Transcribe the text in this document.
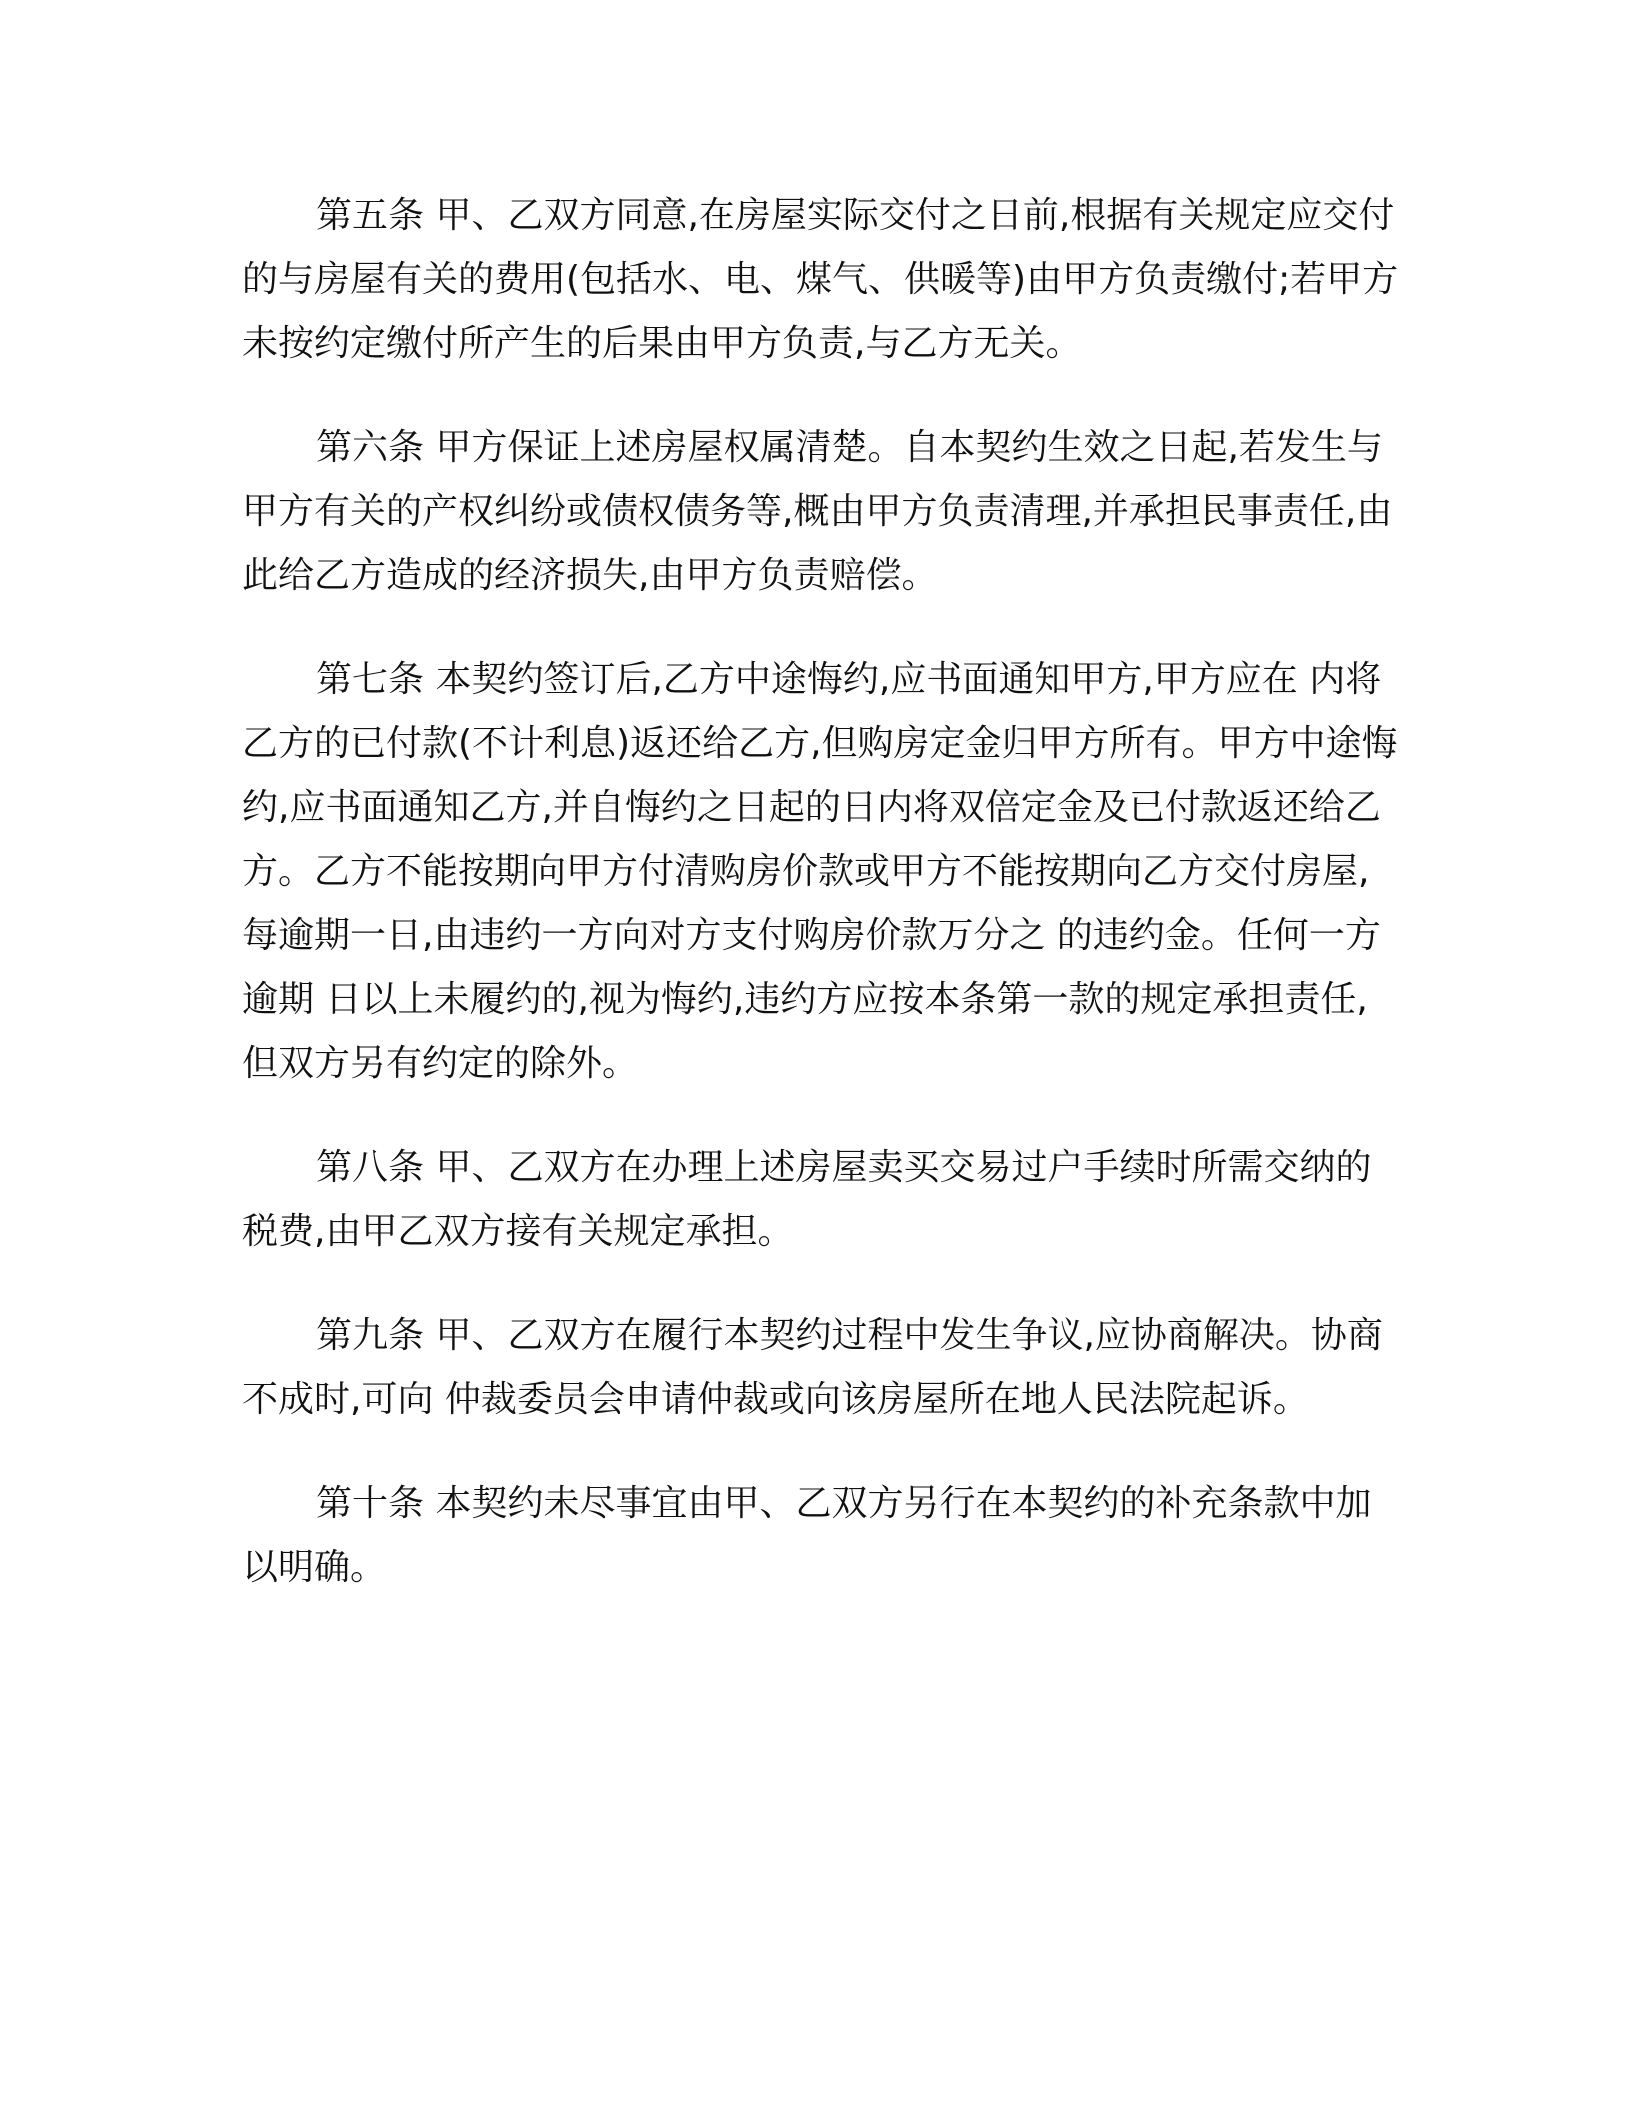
第五条 甲、乙双方同意,在房屋实际交付之日前,根据有关规定应交付的与房屋有关的费用(包括水、电、煤气、供暖等)由甲方负责缴付;若甲方未按约定缴付所产生的后果由甲方负责,与乙方无关。

第六条 甲方保证上述房屋权属清楚。自本契约生效之日起,若发生与甲方有关的产权纠纷或债权债务等,概由甲方负责清理,并承担民事责任,由此给乙方造成的经济损失,由甲方负责赔偿。

第七条 本契约签订后,乙方中途悔约,应书面通知甲方,甲方应在 内将乙方的已付款(不计利息)返还给乙方,但购房定金归甲方所有。甲方中途悔约,应书面通知乙方,并自悔约之日起的日内将双倍定金及已付款返还给乙方。乙方不能按期向甲方付清购房价款或甲方不能按期向乙方交付房屋,每逾期一日,由违约一方向对方支付购房价款万分之 的违约金。任何一方逾期 日以上未履约的,视为悔约,违约方应按本条第一款的规定承担责任,但双方另有约定的除外。

第八条 甲、乙双方在办理上述房屋卖买交易过户手续时所需交纳的税费,由甲乙双方接有关规定承担。

第九条 甲、乙双方在履行本契约过程中发生争议,应协商解决。协商不成时,可向 仲裁委员会申请仲裁或向该房屋所在地人民法院起诉。

第十条 本契约未尽事宜由甲、乙双方另行在本契约的补充条款中加以明确。
